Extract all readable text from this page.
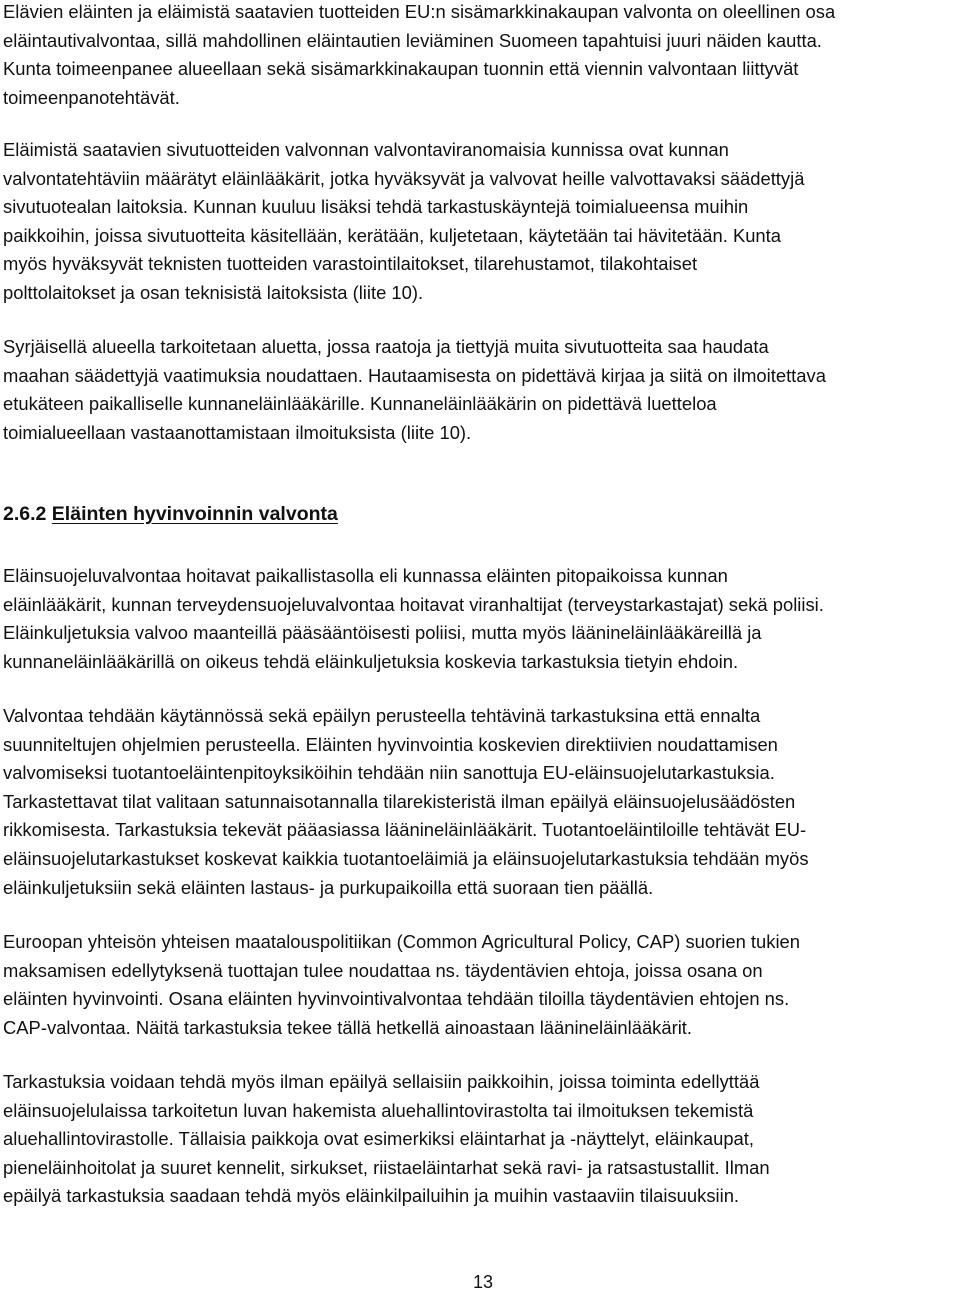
Elävien eläinten ja eläimistä saatavien tuotteiden EU:n sisämarkkinakaupan valvonta on oleellinen osa
eläintautivalvontaa, sillä mahdollinen eläintautien leviäminen Suomeen tapahtuisi juuri näiden kautta.
Kunta toimeenpanee alueellaan sekä sisämarkkinakaupan tuonnin että viennin valvontaan liittyvät
toimeenpanotehtävät.

Eläimistä saatavien sivutuotteiden valvonnan valvontaviranomaisia kunnissa ovat kunnan
valvontatehtäviin määrätyt eläinlääkärit, jotka hyväksyvät ja valvovat heille valvottavaksi säädettyjä
sivutuotealan laitoksia. Kunnan kuuluu lisäksi tehdä tarkastuskäyntejä toimialueensa muihin
paikkoihin, joissa sivutuotteita käsitellään, kerätään, kuljetetaan, käytetään tai hävitetään. Kunta
myös hyväksyvät teknisten tuotteiden varastointilaitokset, tilarehustamot, tilakohtaiset
polttolaitokset ja osan teknisistä laitoksista (liite 10).

Syrjäisellä alueella tarkoitetaan aluetta, jossa raatoja ja tiettyjä muita sivutuotteita saa haudata
maahan säädettyjä vaatimuksia noudattaen. Hautaamisesta on pidettävä kirjaa ja siitä on ilmoitettava
etukäteen paikalliselle kunnaneläinlääkärille. Kunnaneläinlääkärin on pidettävä luetteloa
toimialueellaan vastaanottamistaan ilmoituksista (liite 10).

2.6.2 Eläinten hyvinvoinnin valvonta

Eläinsuojeluvalvontaa hoitavat paikallistasolla eli kunnassa eläinten pitopaikoissa kunnan
eläinlääkärit, kunnan terveydensuojeluvalvontaa hoitavat viranhaltijat (terveystarkastajat) sekä poliisi.
Eläinkuljetuksia valvoo maanteillä pääsääntöisesti poliisi, mutta myös läänineläinlääkäreillä ja
kunnaneläinlääkärillä on oikeus tehdä eläinkuljetuksia koskevia tarkastuksia tietyin ehdoin.

Valvontaa tehdään käytännössä sekä epäilyn perusteella tehtävinä tarkastuksina että ennalta
suunniteltujen ohjelmien perusteella. Eläinten hyvinvointia koskevien direktiivien noudattamisen
valvomiseksi tuotantoeläintenpitoyksiköihin tehdään niin sanottuja EU-eläinsuojelutarkastuksia.
Tarkastettavat tilat valitaan satunnaisotannalla tilarekisteristä ilman epäilyä eläinsuojelusäädösten
rikkomisesta. Tarkastuksia tekevät pääasiassa läänineläinlääkärit. Tuotantoeläintiloille tehtävät EU-
eläinsuojelutarkastukset koskevat kaikkia tuotantoeläimiä ja eläinsuojelutarkastuksia tehdään myös
eläinkuljetuksiin sekä eläinten lastaus- ja purkupaikoilla että suoraan tien päällä.

Euroopan yhteisön yhteisen maatalouspolitiikan (Common Agricultural Policy, CAP) suorien tukien
maksamisen edellytyksenä tuottajan tulee noudattaa ns. täydentävien ehtoja, joissa osana on
eläinten hyvinvointi. Osana eläinten hyvinvointivalvontaa tehdään tiloilla täydentävien ehtojen ns.
CAP-valvontaa. Näitä tarkastuksia tekee tällä hetkellä ainoastaan läänineläinlääkärit.

Tarkastuksia voidaan tehdä myös ilman epäilyä sellaisiin paikkoihin, joissa toiminta edellyttää
eläinsuojelulaissa tarkoitetun luvan hakemista aluehallintovirastolta tai ilmoituksen tekemistä
aluehallintovirastolle. Tällaisia paikkoja ovat esimerkiksi eläintarhat ja -näyttelyt, eläinkaupat,
pieneläinhoitolat ja suuret kennelit, sirkukset, riistaeläintarhat sekä ravi- ja ratsastustallit. Ilman
epäilyä tarkastuksia saadaan tehdä myös eläinkilpailuihin ja muihin vastaaviin tilaisuuksiin.

13
